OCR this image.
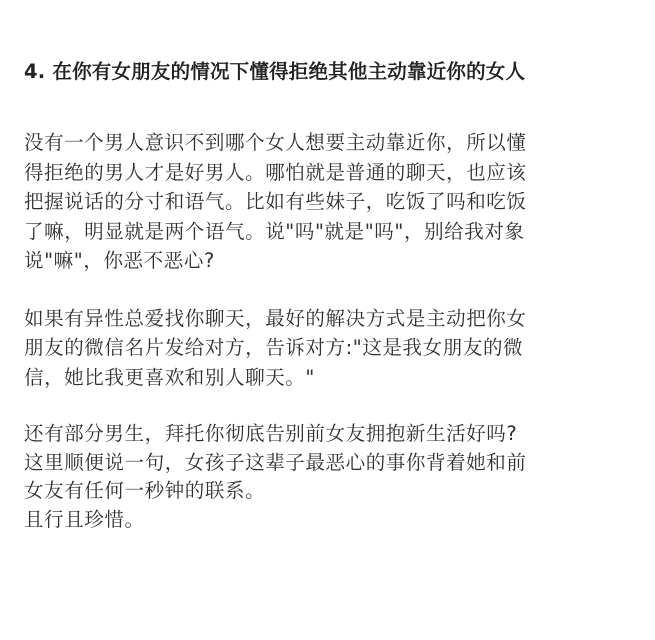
4. 在你有女朋友的情况下懂得拒绝其他主动靠近你的女人
没有一个男人意识不到哪个女人想要主动靠近你，所以懂
得拒绝的男人才是好男人。哪怕就是普通的聊天，也应该
把握说话的分寸和语气。比如有些妹子，吃饭了吗和吃饭
了嘛，明显就是两个语气。说"吗"就是"吗"，别给我对象
说"嘛"，你恶不恶心?
如果有异性总爱找你聊天，最好的解决方式是主动把你女
朋友的微信名片发给对方，告诉对方:"这是我女朋友的微
信，她比我更喜欢和别人聊天。"
还有部分男生，拜托你彻底告别前女友拥抱新生活好吗?
这里顺便说一句，女孩子这辈子最恶心的事你背着她和前
女友有任何一秒钟的联系。
且行且珍惜。
